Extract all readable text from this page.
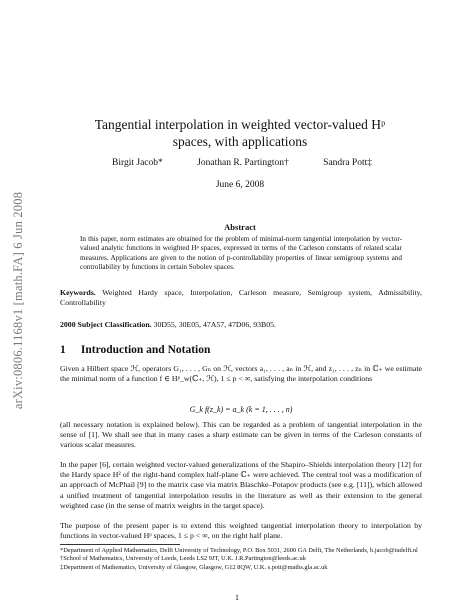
arXiv:0806.1168v1 [math.FA] 6 Jun 2008
Tangential interpolation in weighted vector-valued Hᵖ spaces, with applications
Birgit Jacob*	Jonathan R. Partington†	Sandra Pott‡
June 6, 2008
Abstract
In this paper, norm estimates are obtained for the problem of minimal-norm tangential interpolation by vector-valued analytic functions in weighted Hᵖ spaces, expressed in terms of the Carleson constants of related scalar measures. Applications are given to the notion of p-controllability properties of linear semigroup systems and controllability by functions in certain Sobolev spaces.
Keywords. Weighted Hardy space, Interpolation, Carleson measure, Semigroup system, Admissibility, Controllability
2000 Subject Classification. 30D55, 30E05, 47A57, 47D06, 93B05.
1 Introduction and Notation
Given a Hilbert space ℋ, operators G₁, . . . , Gₙ on ℋ, vectors a₁, . . . , aₙ in ℋ, and z₁, . . . , zₙ in ℂ₊ we estimate the minimal norm of a function f ∈ Hᵖ_w(ℂ₊, ℋ), 1 ≤ p < ∞, satisfying the interpolation conditions
G_k f(z_k) = a_k (k = 1, . . . , n)
(all necessary notation is explained below). This can be regarded as a problem of tangential interpolation in the sense of [1]. We shall see that in many cases a sharp estimate can be given in terms of the Carleson constants of various scalar measures.
In the paper [6], certain weighted vector-valued generalizations of the Shapiro–Shields interpolation theory [12] for the Hardy space H² of the right-hand complex half-plane ℂ₊ were achieved. The central tool was a modification of an approach of McPhail [9] to the matrix case via matrix Blaschke–Potapov products (see e.g. [11]), which allowed a unified treatment of tangential interpolation results in the literature as well as their extension to the general weighted case (in the sense of matrix weights in the target space).
The purpose of the present paper is to extend this weighted tangential interpolation theory to interpolation by functions in vector-valued Hᵖ spaces, 1 ≤ p < ∞, on the right half plane.
*Department of Applied Mathematics, Delft University of Technology, P.O. Box 5031, 2600 GA Delft, The Netherlands, b.jacob@tudelft.nl
†School of Mathematics, University of Leeds, Leeds LS2 9JT, U.K. J.R.Partington@leeds.ac.uk
‡Department of Mathematics, University of Glasgow, Glasgow, G12 8QW, U.K. s.pott@maths.gla.ac.uk
1
